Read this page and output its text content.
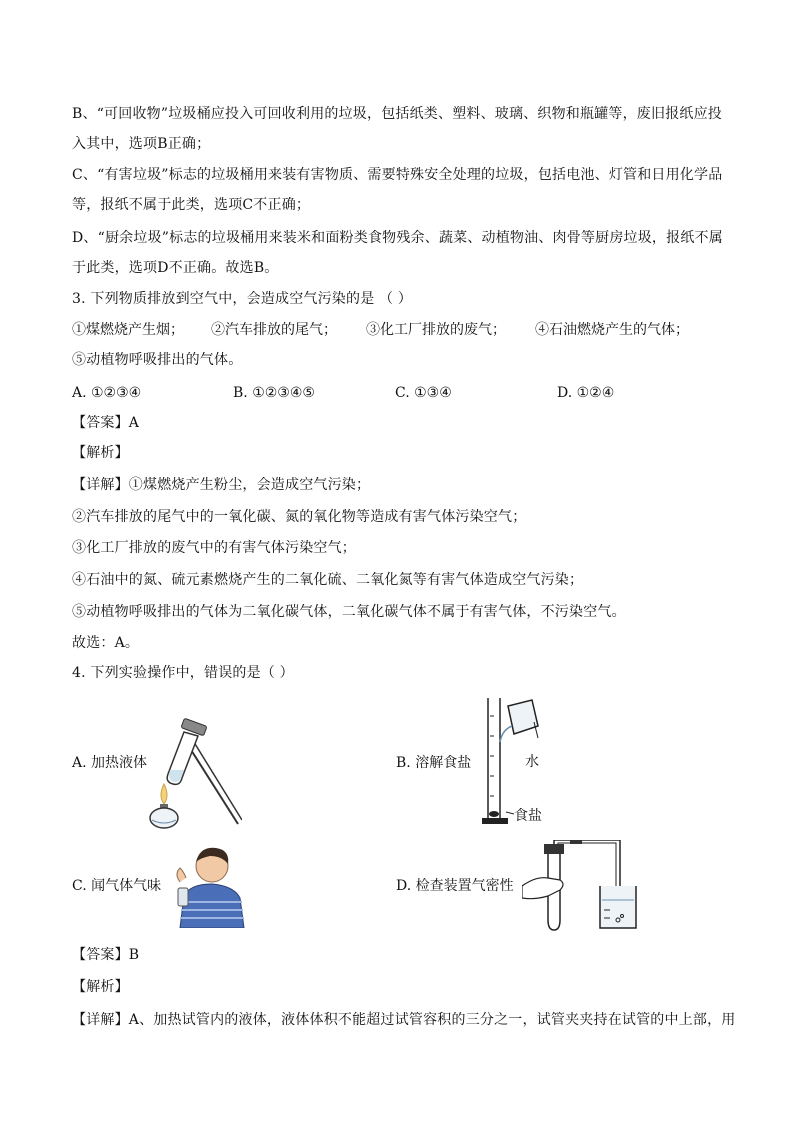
B、“可回收物”垃圾桶应投入可回收利用的垃圾，包括纸类、塑料、玻璃、织物和瓶罐等，废旧报纸应投
入其中，选项B正确；
C、“有害垃圾”标志的垃圾桶用来装有害物质、需要特殊安全处理的垃圾，包括电池、灯管和日用化学品
等，报纸不属于此类，选项C不正确；
D、“厨余垃圾”标志的垃圾桶用来装米和面粉类食物残余、蔬菜、动植物油、肉骨等厨房垃圾，报纸不属
于此类，选项D不正确。故选B。
3. 下列物质排放到空气中，会造成空气污染的是 （ ）
①煤燃烧产生烟； ②汽车排放的尾气； ③化工厂排放的废气； ④石油燃烧产生的气体；
⑤动植物呼吸排出的气体。
A. ①②③④	B. ①②③④⑤	C. ①③④	D. ①②④
【答案】A
【解析】
【详解】①煤燃烧产生粉尘，会造成空气污染；
②汽车排放的尾气中的一氧化碳、氮的氧化物等造成有害气体污染空气；
③化工厂排放的废气中的有害气体污染空气；
④石油中的氮、硫元素燃烧产生的二氧化硫、二氧化氮等有害气体造成空气污染；
⑤动植物呼吸排出的气体为二氧化碳气体，二氧化碳气体不属于有害气体，不污染空气。
故选：A。
4. 下列实验操作中，错误的是（ ）
A. 加热液体	B. 溶解食盐	水
食盐
C. 闻气体气味	D. 检查装置气密性
【答案】B
【解析】
【详解】A、加热试管内的液体，液体体积不能超过试管容积的三分之一，试管夹夹持在试管的中上部，用
